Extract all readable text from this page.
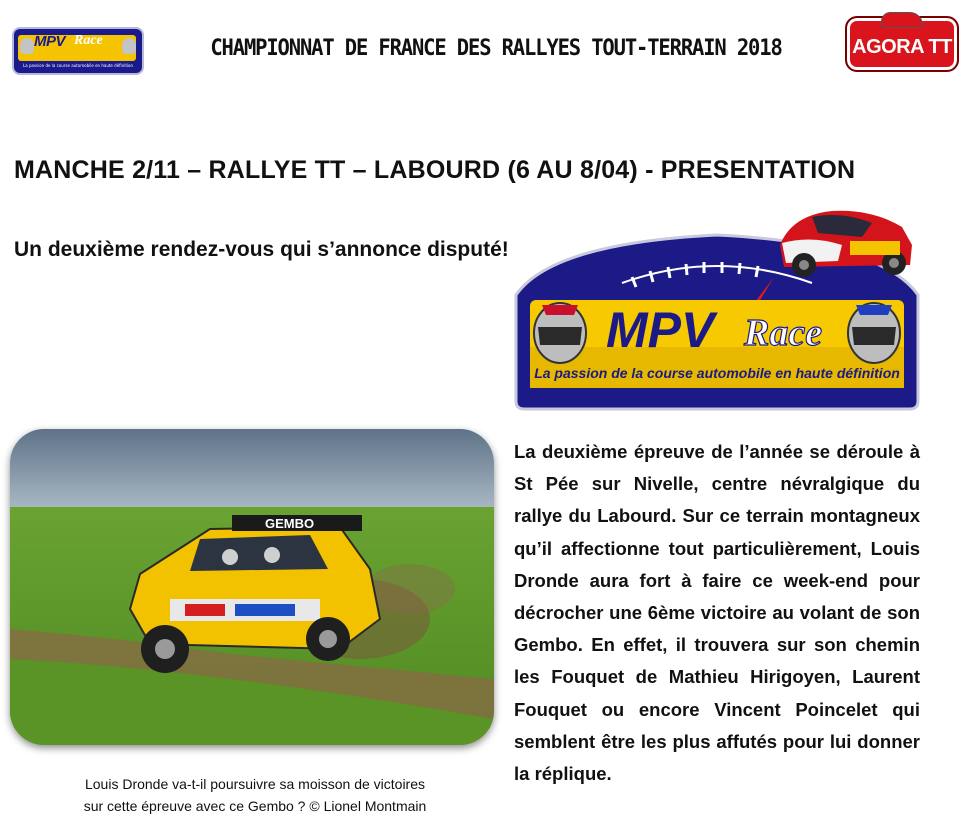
MPV Race
La passion de la course automobile en haute définition
CHAMPIONNAT DE FRANCE DES RALLYES TOUT-TERRAIN 2018	AGORA TT
MANCHE 2/11 – RALLYE TT – LABOURD (6 AU 8/04) - PRESENTATION
Un deuxième rendez-vous qui s’annonce disputé!
MPV Race
La passion de la course automobile en haute définition
GEMBO
Louis Dronde va-t-il poursuivre sa moisson de victoires
sur cette épreuve avec ce Gembo ? © Lionel Montmain
La deuxième épreuve de l’année se déroule à St Pée sur Nivelle, centre névralgique du rallye du Labourd. Sur ce terrain montagneux qu’il affectionne tout particulièrement, Louis Dronde aura fort à faire ce week-end pour décrocher une 6ème victoire au volant de son Gembo. En effet, il trouvera sur son chemin les Fouquet de Mathieu Hirigoyen, Laurent Fouquet ou encore Vincent Poincelet qui semblent être les plus affutés pour lui donner la réplique.
